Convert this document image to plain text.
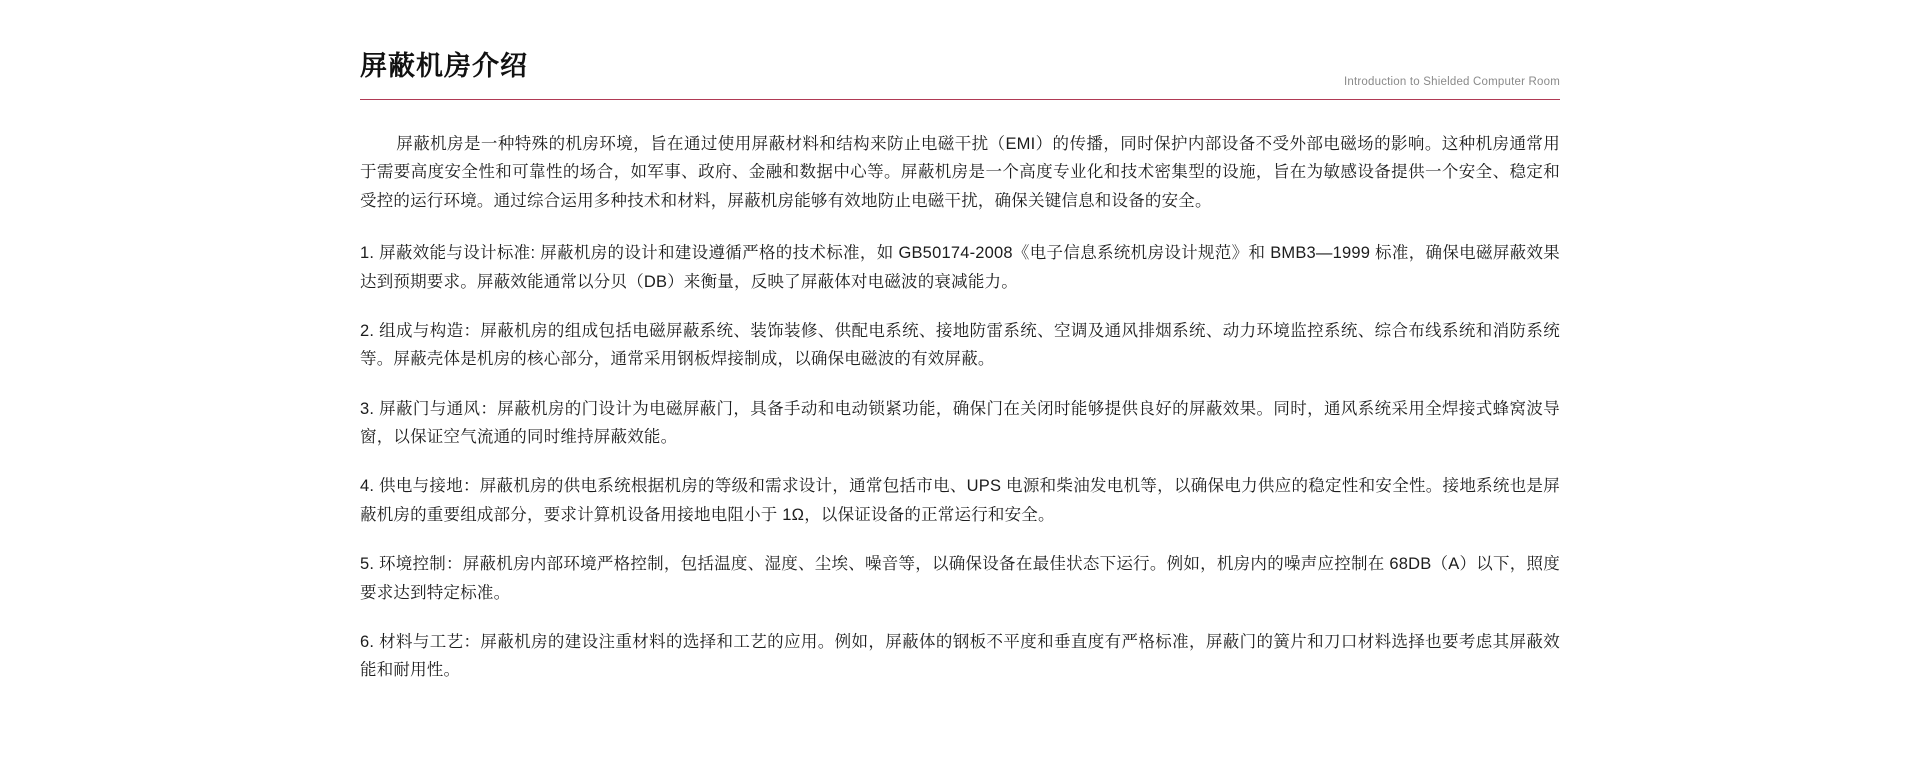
屏蔽机房介绍
Introduction to Shielded Computer Room

屏蔽机房是一种特殊的机房环境，旨在通过使用屏蔽材料和结构来防止电磁干扰（EMI）的传播，同时保护内部设备不受外部电磁场的影响。这种机房通常用于需要高度安全性和可靠性的场合，如军事、政府、金融和数据中心等。屏蔽机房是一个高度专业化和技术密集型的设施，旨在为敏感设备提供一个安全、稳定和受控的运行环境。通过综合运用多种技术和材料，屏蔽机房能够有效地防止电磁干扰，确保关键信息和设备的安全。

1. 屏蔽效能与设计标准: 屏蔽机房的设计和建设遵循严格的技术标准，如 GB50174-2008《电子信息系统机房设计规范》和 BMB3—1999 标准，确保电磁屏蔽效果达到预期要求。屏蔽效能通常以分贝（DB）来衡量，反映了屏蔽体对电磁波的衰减能力。

2. 组成与构造：屏蔽机房的组成包括电磁屏蔽系统、装饰装修、供配电系统、接地防雷系统、空调及通风排烟系统、动力环境监控系统、综合布线系统和消防系统等。屏蔽壳体是机房的核心部分，通常采用钢板焊接制成，以确保电磁波的有效屏蔽。

3. 屏蔽门与通风：屏蔽机房的门设计为电磁屏蔽门，具备手动和电动锁紧功能，确保门在关闭时能够提供良好的屏蔽效果。同时，通风系统采用全焊接式蜂窝波导窗，以保证空气流通的同时维持屏蔽效能。

4. 供电与接地：屏蔽机房的供电系统根据机房的等级和需求设计，通常包括市电、UPS 电源和柴油发电机等，以确保电力供应的稳定性和安全性。接地系统也是屏蔽机房的重要组成部分，要求计算机设备用接地电阻小于 1Ω，以保证设备的正常运行和安全。

5. 环境控制：屏蔽机房内部环境严格控制，包括温度、湿度、尘埃、噪音等，以确保设备在最佳状态下运行。例如，机房内的噪声应控制在 68DB（A）以下，照度要求达到特定标准。

6. 材料与工艺：屏蔽机房的建设注重材料的选择和工艺的应用。例如，屏蔽体的钢板不平度和垂直度有严格标准，屏蔽门的簧片和刀口材料选择也要考虑其屏蔽效能和耐用性。
